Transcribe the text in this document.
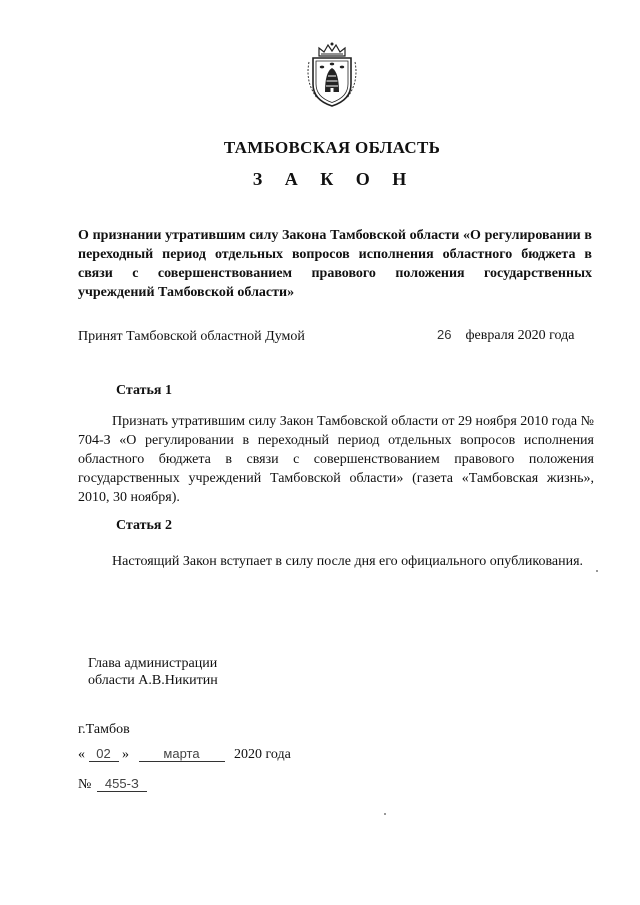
ТАМБОВСКАЯ ОБЛАСТЬ
З А К О Н
О признании утратившим силу Закона Тамбовской области «О регулировании в переходный период отдельных вопросов исполнения областного бюджета в связи с совершенствованием правового положения государственных учреждений Тамбовской области»
Принят Тамбовской областной Думой	26 февраля 2020 года
Статья 1
Признать утратившим силу Закон Тамбовской области от 29 ноября 2010 года № 704-З «О регулировании в переходный период отдельных вопросов исполнения областного бюджета в связи с совершенствованием правового положения государственных учреждений Тамбовской области» (газета «Тамбовская жизнь», 2010, 30 ноября).
Статья 2
Настоящий Закон вступает в силу после дня его официального опубликования.
Глава администрации
области А.В.Никитин
г.Тамбов
« 02 »	марта 2020 года
№ 455-З
